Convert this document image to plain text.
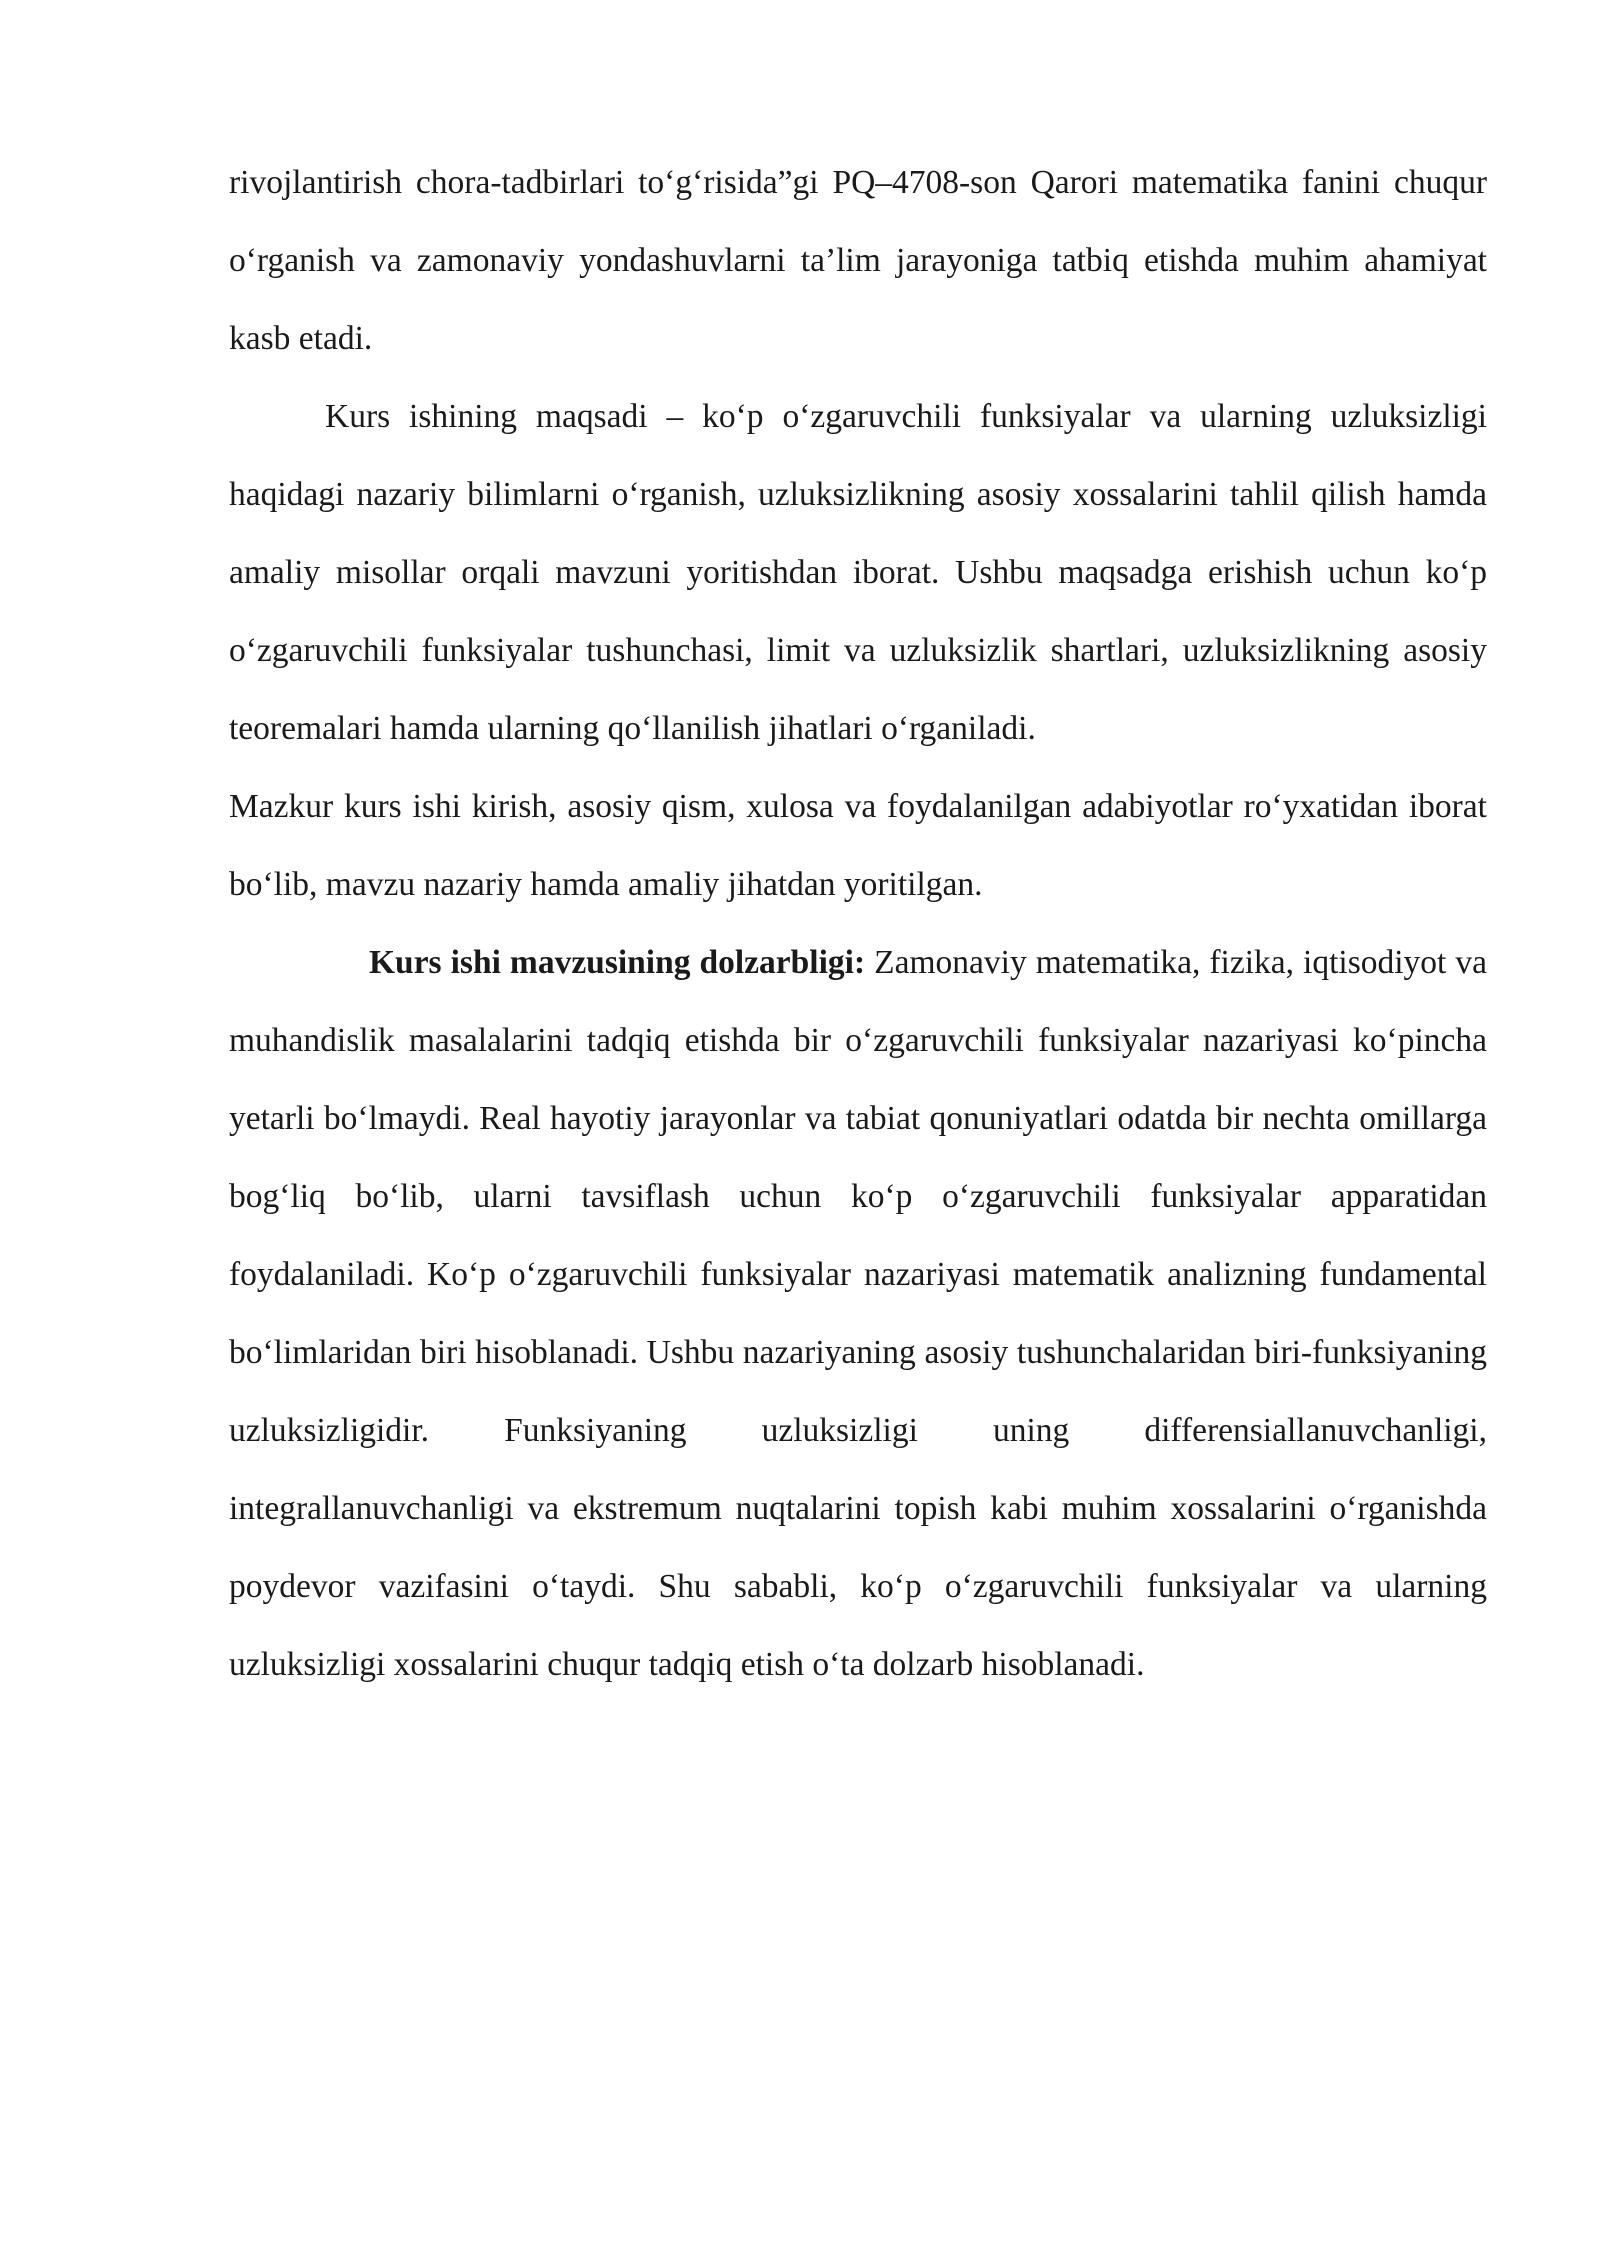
rivojlantirish chora-tadbirlari to‘g‘risida”gi PQ–4708-son Qarori matematika fanini chuqur o‘rganish va zamonaviy yondashuvlarni ta’lim jarayoniga tatbiq etishda muhim ahamiyat kasb etadi.

Kurs ishining maqsadi – ko‘p o‘zgaruvchili funksiyalar va ularning uzluksizligi haqidagi nazariy bilimlarni o‘rganish, uzluksizlikning asosiy xossalarini tahlil qilish hamda amaliy misollar orqali mavzuni yoritishdan iborat. Ushbu maqsadga erishish uchun ko‘p o‘zgaruvchili funksiyalar tushunchasi, limit va uzluksizlik shartlari, uzluksizlikning asosiy teoremalari hamda ularning qo‘llanilish jihatlari o‘rganiladi.

Mazkur kurs ishi kirish, asosiy qism, xulosa va foydalanilgan adabiyotlar ro‘yxatidan iborat bo‘lib, mavzu nazariy hamda amaliy jihatdan yoritilgan.

Kurs ishi mavzusining dolzarbligi: Zamonaviy matematika, fizika, iqtisodiyot va muhandislik masalalarini tadqiq etishda bir o‘zgaruvchili funksiyalar nazariyasi ko‘pincha yetarli bo‘lmaydi. Real hayotiy jarayonlar va tabiat qonuniyatlari odatda bir nechta omillarga bog‘liq bo‘lib, ularni tavsiflash uchun ko‘p o‘zgaruvchili funksiyalar apparatidan foydalaniladi. Ko‘p o‘zgaruvchili funksiyalar nazariyasi matematik analizning fundamental bo‘limlaridan biri hisoblanadi. Ushbu nazariyaning asosiy tushunchalaridan biri-funksiyaning uzluksizligidir. Funksiyaning uzluksizligi uning differensiallanuvchanligi, integrallanuvchanligi va ekstremum nuqtalarini topish kabi muhim xossalarini o‘rganishda poydevor vazifasini o‘taydi. Shu sababli, ko‘p o‘zgaruvchili funksiyalar va ularning uzluksizligi xossalarini chuqur tadqiq etish o‘ta dolzarb hisoblanadi.
